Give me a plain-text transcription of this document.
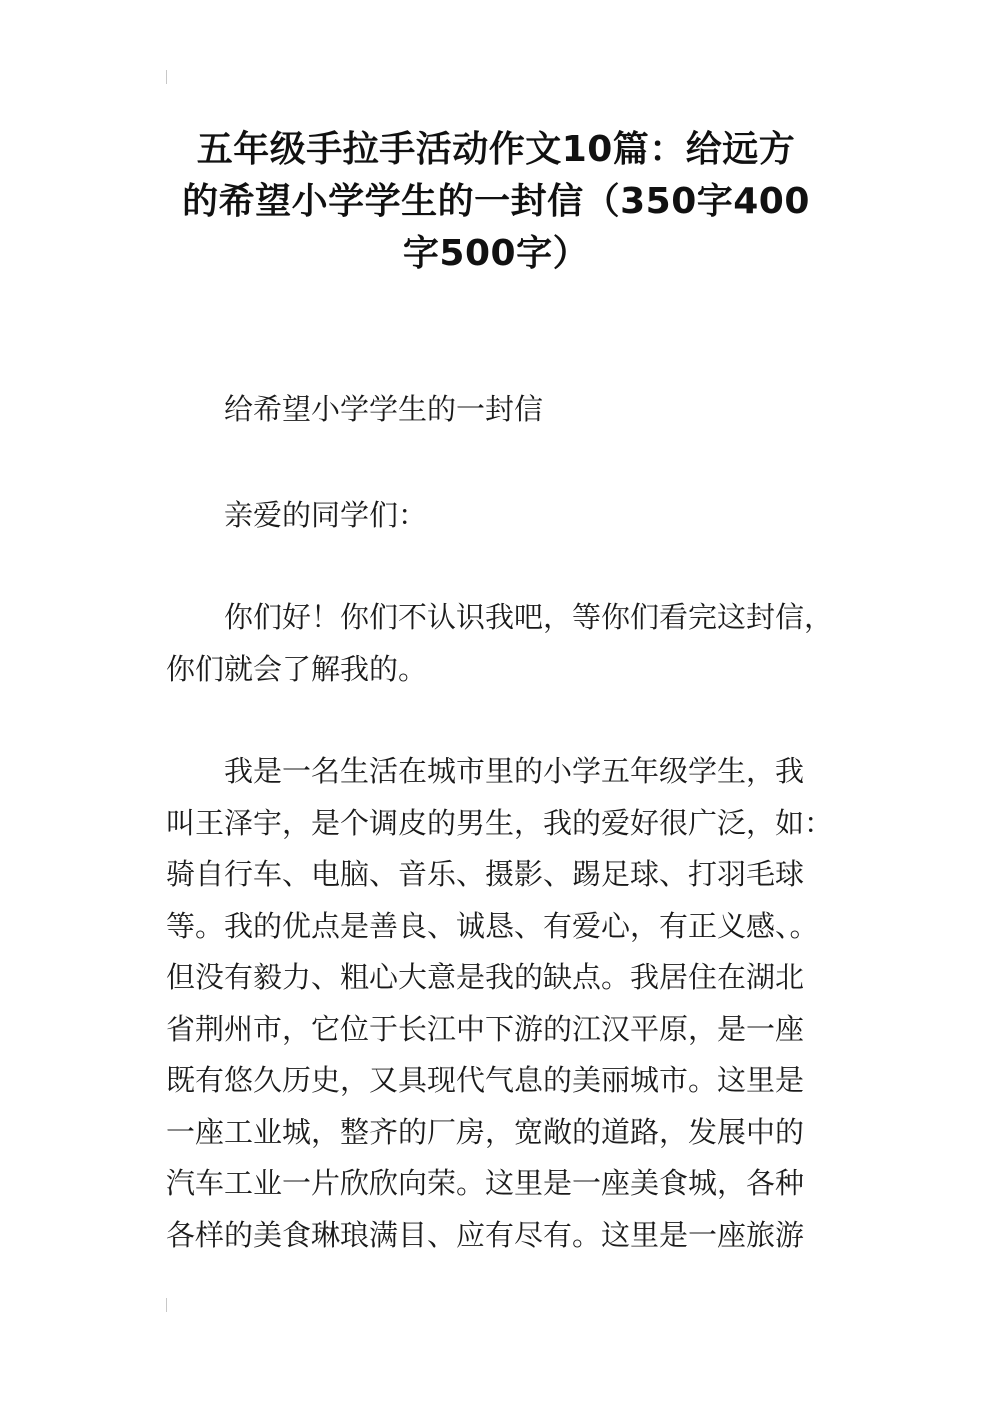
五年级手拉手活动作文10篇：给远方
的希望小学学生的一封信（350字400
字500字）

给希望小学学生的一封信

亲爱的同学们：

你们好！你们不认识我吧，等你们看完这封信，
你们就会了解我的。

我是一名生活在城市里的小学五年级学生，我
叫王泽宇，是个调皮的男生，我的爱好很广泛，如：
骑自行车、电脑、音乐、摄影、踢足球、打羽毛球
等。我的优点是善良、诚恳、有爱心，有正义感、。
但没有毅力、粗心大意是我的缺点。我居住在湖北
省荆州市，它位于长江中下游的江汉平原，是一座
既有悠久历史，又具现代气息的美丽城市。这里是
一座工业城，整齐的厂房，宽敞的道路，发展中的
汽车工业一片欣欣向荣。这里是一座美食城，各种
各样的美食琳琅满目、应有尽有。这里是一座旅游
